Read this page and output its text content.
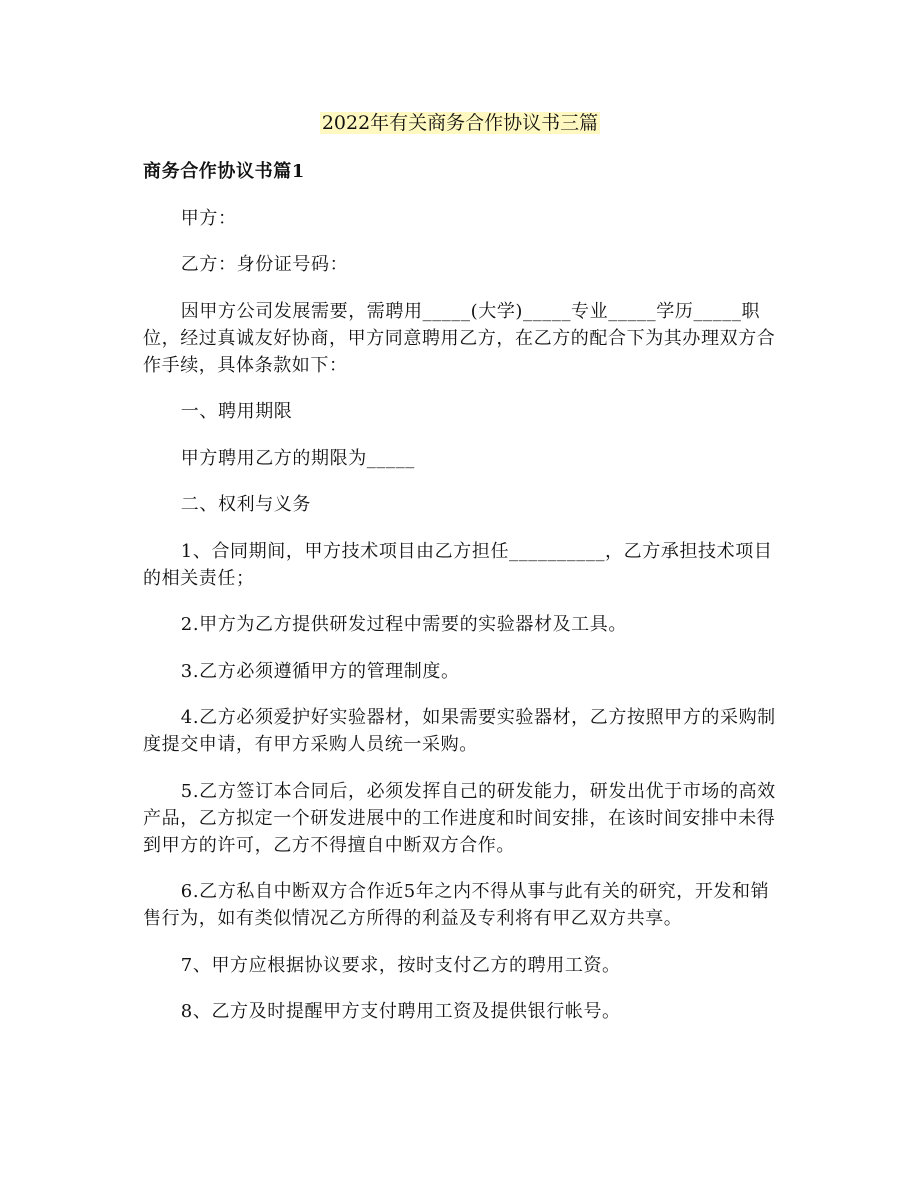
2022年有关商务合作协议书三篇

商务合作协议书篇1

甲方：

乙方：身份证号码：

因甲方公司发展需要，需聘用_____(大学)_____专业_____学历_____职位，经过真诚友好协商，甲方同意聘用乙方，在乙方的配合下为其办理双方合作手续，具体条款如下：

一、聘用期限

甲方聘用乙方的期限为_____

二、权利与义务

1、合同期间，甲方技术项目由乙方担任__________，乙方承担技术项目的相关责任；

2.甲方为乙方提供研发过程中需要的实验器材及工具。

3.乙方必须遵循甲方的管理制度。

4.乙方必须爱护好实验器材，如果需要实验器材，乙方按照甲方的采购制度提交申请，有甲方采购人员统一采购。

5.乙方签订本合同后，必须发挥自己的研发能力，研发出优于市场的高效产品，乙方拟定一个研发进展中的工作进度和时间安排，在该时间安排中未得到甲方的许可，乙方不得擅自中断双方合作。

6.乙方私自中断双方合作近5年之内不得从事与此有关的研究，开发和销售行为，如有类似情况乙方所得的利益及专利将有甲乙双方共享。

7、甲方应根据协议要求，按时支付乙方的聘用工资。

8、乙方及时提醒甲方支付聘用工资及提供银行帐号。
